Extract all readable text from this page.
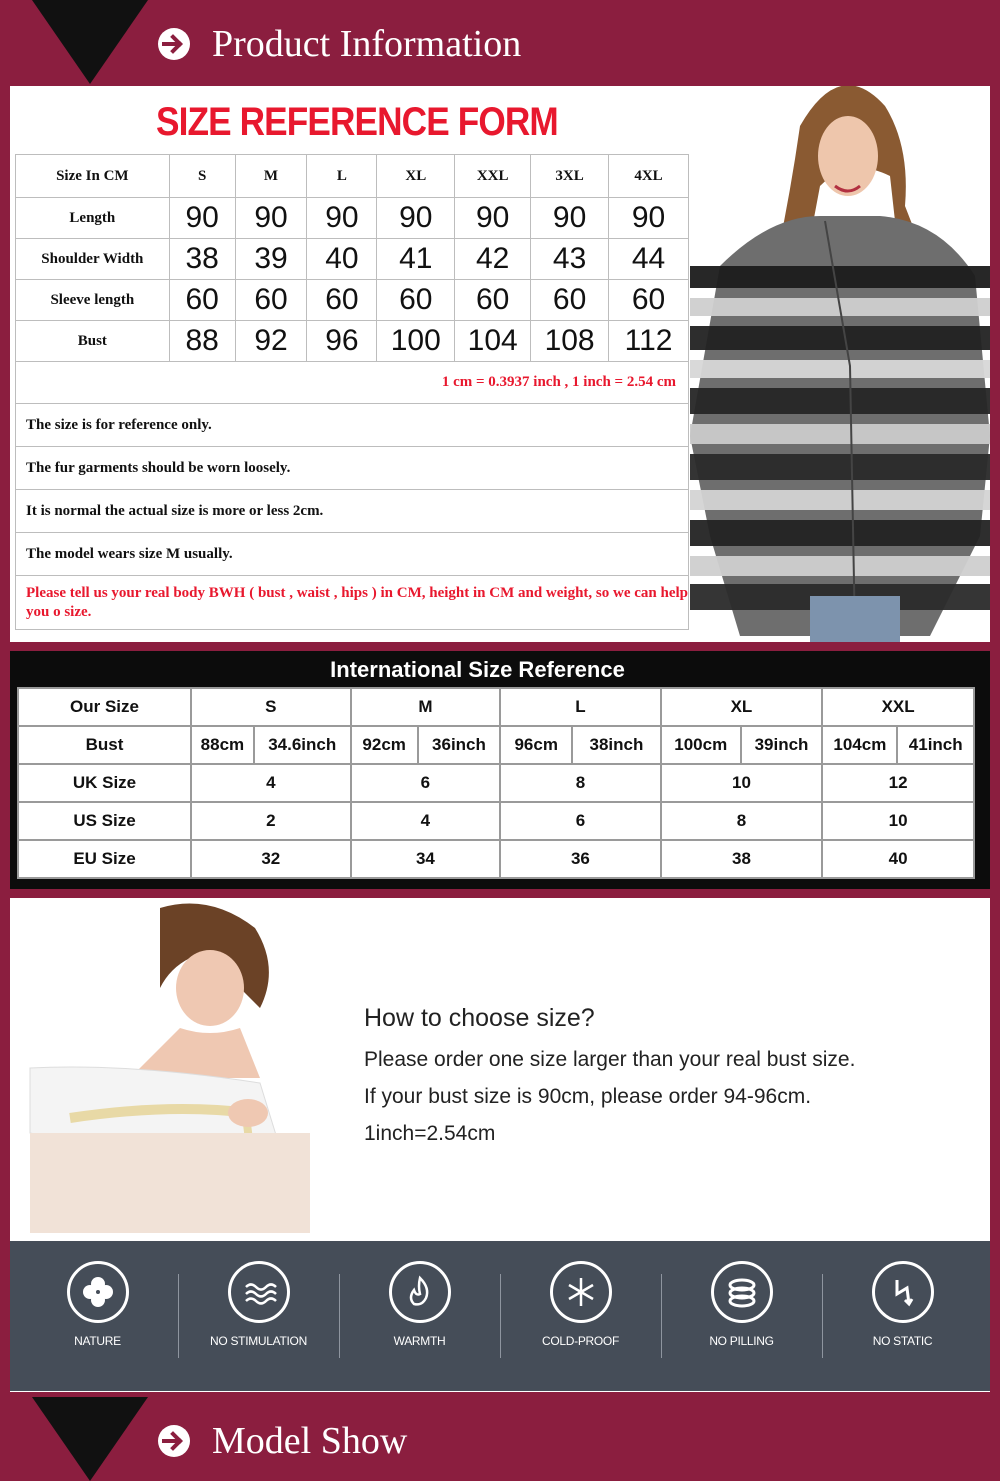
Product Information
SIZE REFERENCE FORM
Size In CM	S	M	L	XL	XXL	3XL	4XL
Length	90	90	90	90	90	90	90
Shoulder Width	38	39	40	41	42	43	44
Sleeve length	60	60	60	60	60	60	60
Bust	88	92	96	100	104	108	112
1 cm = 0.3937 inch , 1 inch = 2.54 cm							
The size is for reference only.							
The fur garments should be worn loosely.							
It is normal the actual size is more or less 2cm.							
The model wears size M usually.							
Please tell us your real body BWH ( bust , waist , hips ) in CM, height in CM and weight, so we can help you o size.							
International Size Reference
Our Size	S		M		L		XL		XXL	
Bust	88cm	34.6inch	92cm	36inch	96cm	38inch	100cm	39inch	104cm	41inch
UK Size	4		6		8		10		12	
US Size	2		4		6		8		10	
EU Size	32		34		36		38		40	
How to choose size?
Please order one size larger than your real bust size.
If your bust size is 90cm, please order 94-96cm.
1inch=2.54cm
NATURE	NO STIMULATION	WARMTH	COLD-PROOF	NO PILLING	NO STATIC
Model Show
